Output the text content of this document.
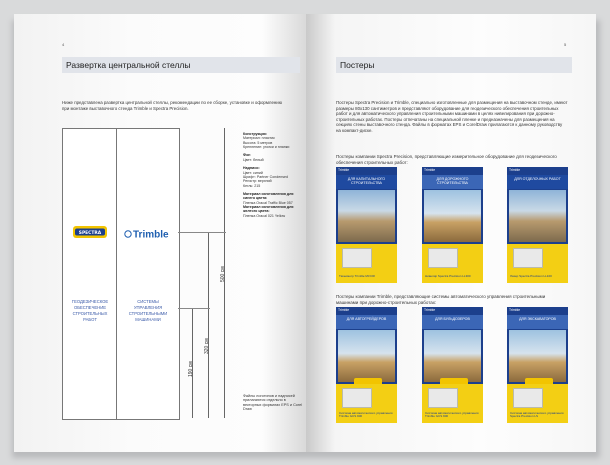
4
Развертка центральной стеллы
Ниже представлена развертка центральной стеллы, рекомендации по ее сборке, установке и оформлению при монтаже выставочного стенда Trimble и Spectra Precision.
SPECTRA
ГЕОДЕЗИЧЕСКОЕ
ОБЕСПЕЧЕНИЕ
СТРОИТЕЛЬНЫХ
РАБОТ
Trimble
СИСТЕМЫ
УПРАВЛЕНИЯ
СТРОИТЕЛЬНЫМИ
МАШИНАМИ
500 см
320 см
190 см
Конструкция:
Материал: пластик
Высота: 5 метров
Крепление: уголки и планки

Фон
Цвет: белый

Надписи:
Цвет: синий
Шрифт: Partner Condensed
Регистр: верхний
Кегль: 215

Материал изготовления для синего цвета:
Пленка Oracal Traffic Blue 057
Материал изготовления для желтого цвета:
Пленка Oracal 021 Yellow
Файлы логотипов и надписей прилагаются отдельно в векторных форматах EPS и Corel Draw
5
Постеры
Постеры Spectra Precision и Trimble, специально изготовленные для размещения на выставочном стенде, имеют размеры 80х130 сантиметров и представляют оборудование для геодезического обеспечения строительных работ и для автоматического управления строительными машинами в целях нивелирования при дорожно-строительных работах. Постеры отпечатаны на специальной пленке и предназначены для размещения на секциях стены выставочного стенда. Файлы в форматах EPS и CorelDraw прилагаются к данному руководству на компакт-диске.
Постеры компании Spectra Precision, представляющие измерительное оборудование для геодезического обеспечения строительных работ:
Trimble
ДЛЯ КАПИТАЛЬНОГО СТРОИТЕЛЬСТВА
Тахеометр Trimble M3 DR
Trimble
ДЛЯ ДОРОЖНОГО СТРОИТЕЛЬСТВА
Нивелир Spectra Precision LL300
Trimble
ДЛЯ ОТДЕЛОЧНЫХ РАБОТ
Лазер Spectra Precision LL100
Постеры компании Trimble, представляющие системы автоматического управления строительными машинами при дорожно-строительных работах:
Trimble
ДЛЯ АВТОГРЕЙДЕРОВ
Система автоматического управления Trimble GCS 900
Trimble
ДЛЯ БУЛЬДОЗЕРОВ
Система автоматического управления Trimble GCS 900
Trimble
ДЛЯ ЭКСКАВАТОРОВ
Система автоматического управления Spectra Precision LS
